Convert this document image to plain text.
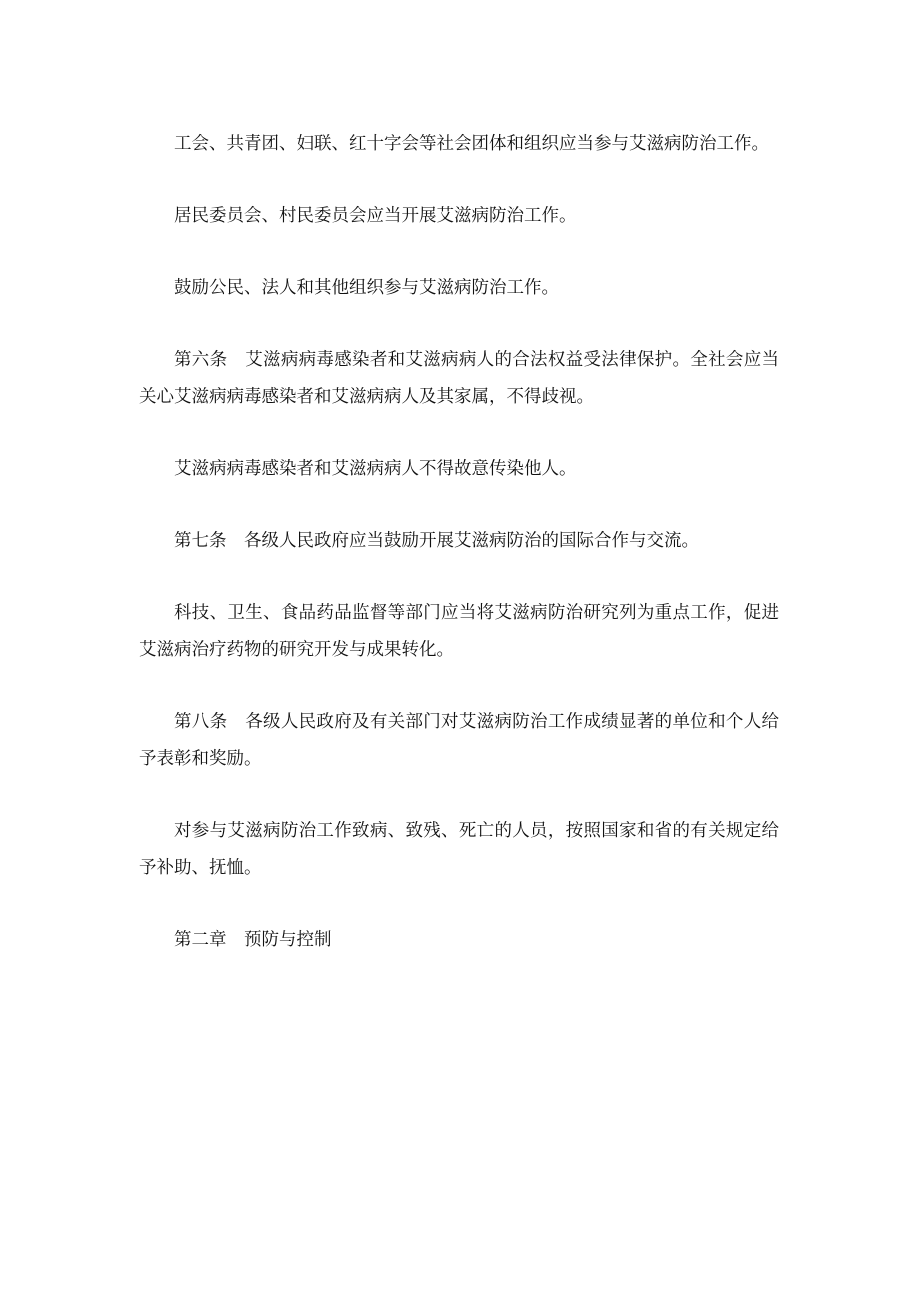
工会、共青团、妇联、红十字会等社会团体和组织应当参与艾滋病防治工作。

居民委员会、村民委员会应当开展艾滋病防治工作。

鼓励公民、法人和其他组织参与艾滋病防治工作。

第六条　艾滋病病毒感染者和艾滋病病人的合法权益受法律保护。全社会应当关心艾滋病病毒感染者和艾滋病病人及其家属，不得歧视。

艾滋病病毒感染者和艾滋病病人不得故意传染他人。

第七条　各级人民政府应当鼓励开展艾滋病防治的国际合作与交流。

科技、卫生、食品药品监督等部门应当将艾滋病防治研究列为重点工作，促进艾滋病治疗药物的研究开发与成果转化。

第八条　各级人民政府及有关部门对艾滋病防治工作成绩显著的单位和个人给予表彰和奖励。

对参与艾滋病防治工作致病、致残、死亡的人员，按照国家和省的有关规定给予补助、抚恤。

第二章　预防与控制
